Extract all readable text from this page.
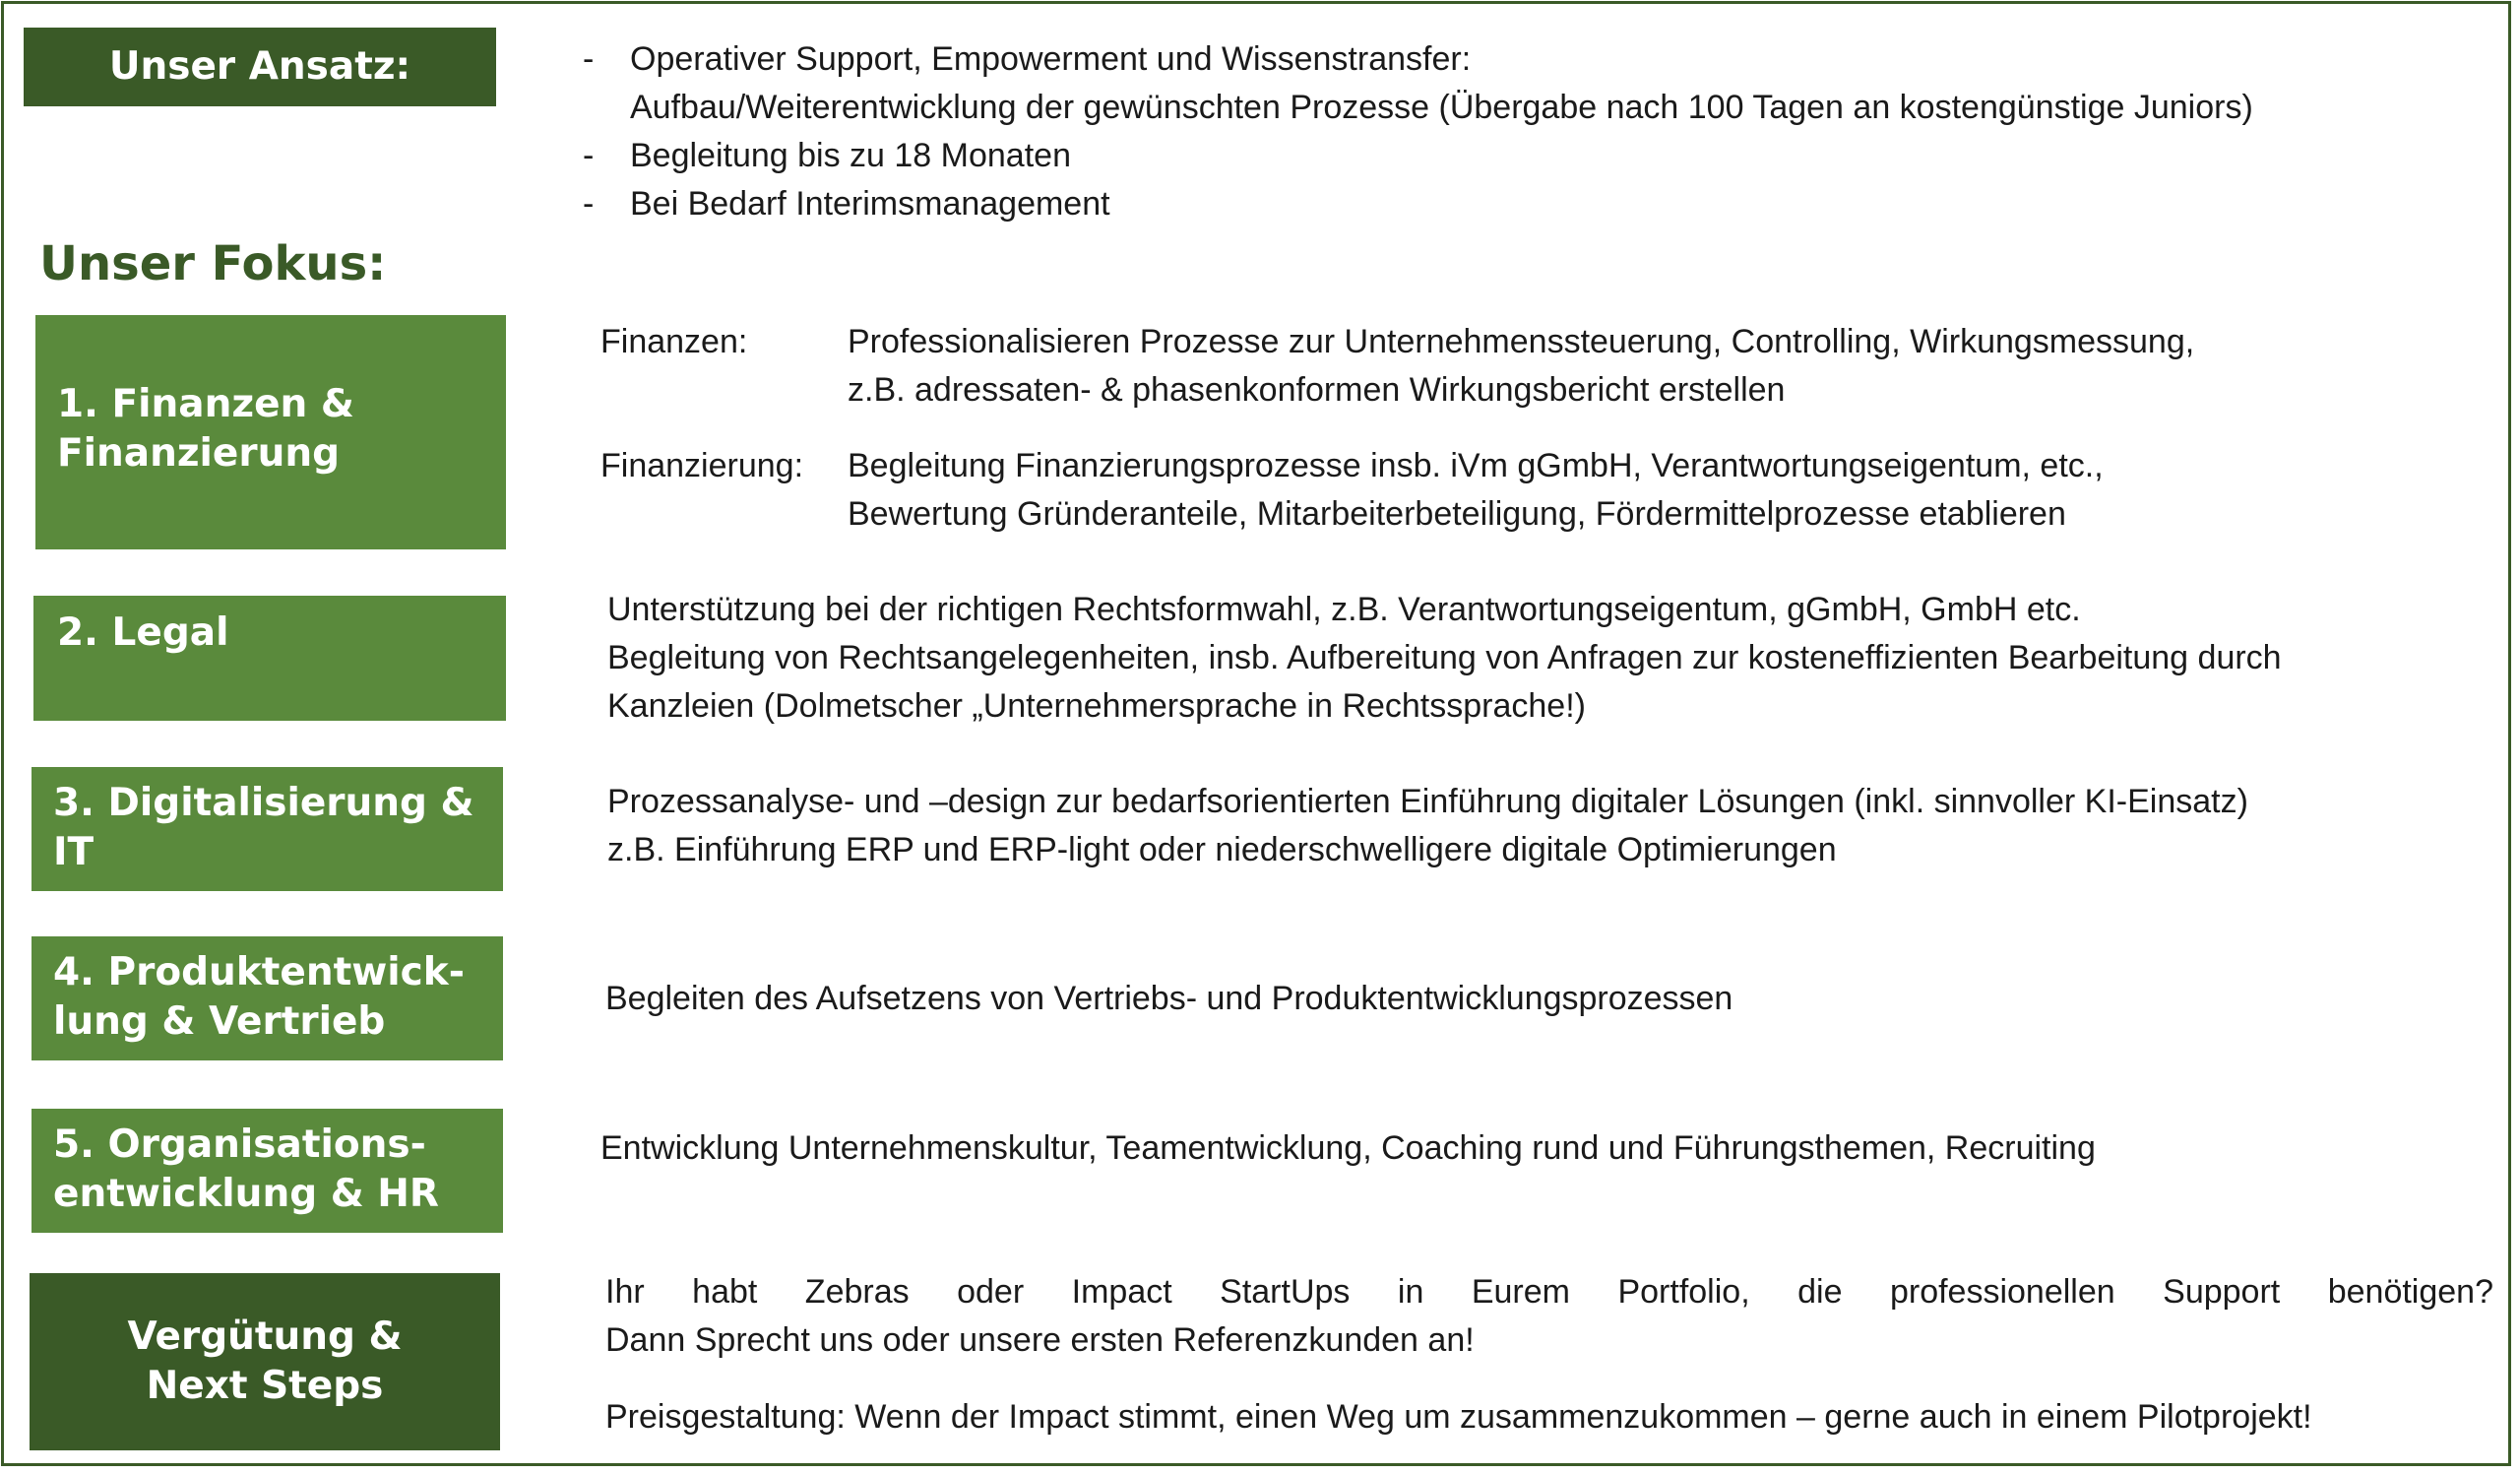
Unser Ansatz:	- Operativer Support, Empowerment und Wissenstransfer:
Aufbau/Weiterentwicklung der gewünschten Prozesse (Übergabe nach 100 Tagen an kostengünstige Juniors)
- Begleitung bis zu 18 Monaten
- Bei Bedarf Interimsmanagement
Unser Fokus:
1. Finanzen &
Finanzierung
Finanzen:	Professionalisieren Prozesse zur Unternehmenssteuerung, Controlling, Wirkungsmessung,
z.B. adressaten- & phasenkonformen Wirkungsbericht erstellen
Finanzierung: Begleitung Finanzierungsprozesse insb. iVm gGmbH, Verantwortungseigentum, etc.,
Bewertung Gründeranteile, Mitarbeiterbeteiligung, Fördermittelprozesse etablieren
2. Legal
Unterstützung bei der richtigen Rechtsformwahl, z.B. Verantwortungseigentum, gGmbH, GmbH etc.
Begleitung von Rechtsangelegenheiten, insb. Aufbereitung von Anfragen zur kosteneffizienten Bearbeitung durch
Kanzleien (Dolmetscher „Unternehmersprache in Rechtssprache!)
3. Digitalisierung &
IT
Prozessanalyse- und –design zur bedarfsorientierten Einführung digitaler Lösungen (inkl. sinnvoller KI-Einsatz)
z.B. Einführung ERP und ERP-light oder niederschwelligere digitale Optimierungen
4. Produktentwick-
lung & Vertrieb
Begleiten des Aufsetzens von Vertriebs- und Produktentwicklungsprozessen
5. Organisations-
entwicklung & HR
Entwicklung Unternehmenskultur, Teamentwicklung, Coaching rund und Führungsthemen, Recruiting
Vergütung &
Next Steps
Ihr habt Zebras oder Impact StartUps in Eurem Portfolio, die professionellen Support benötigen?
Dann Sprecht uns oder unsere ersten Referenzkunden an!
Preisgestaltung: Wenn der Impact stimmt, einen Weg um zusammenzukommen – gerne auch in einem Pilotprojekt!
